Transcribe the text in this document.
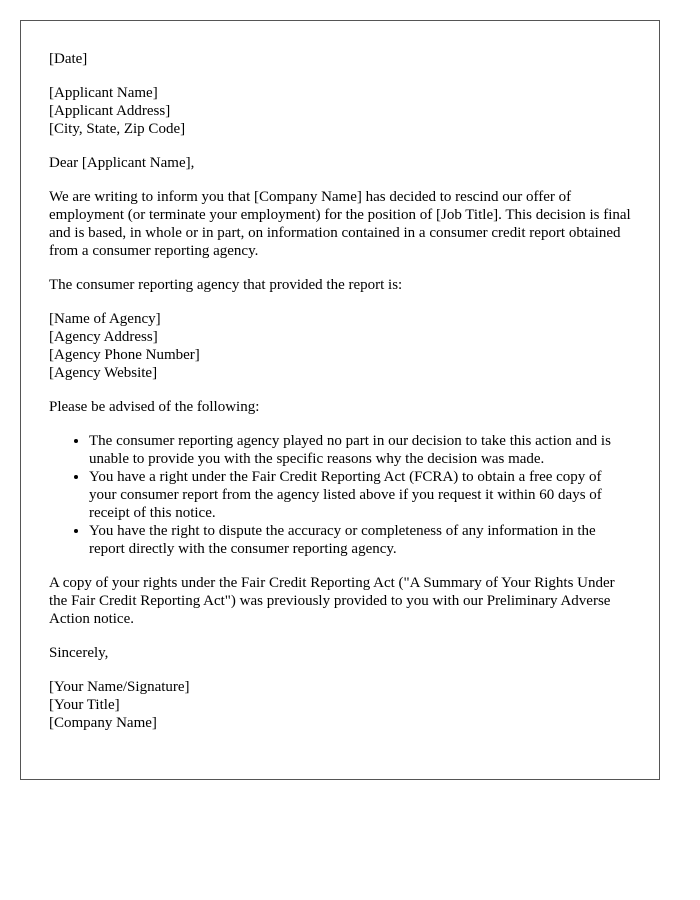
[Date]

[Applicant Name]
[Applicant Address]
[City, State, Zip Code]

Dear [Applicant Name],

We are writing to inform you that [Company Name] has decided to rescind our offer of employment (or terminate your employment) for the position of [Job Title]. This decision is final and is based, in whole or in part, on information contained in a consumer credit report obtained from a consumer reporting agency.

The consumer reporting agency that provided the report is:

[Name of Agency]
[Agency Address]
[Agency Phone Number]
[Agency Website]

Please be advised of the following:

• The consumer reporting agency played no part in our decision to take this action and is unable to provide you with the specific reasons why the decision was made.
• You have a right under the Fair Credit Reporting Act (FCRA) to obtain a free copy of your consumer report from the agency listed above if you request it within 60 days of receipt of this notice.
• You have the right to dispute the accuracy or completeness of any information in the report directly with the consumer reporting agency.

A copy of your rights under the Fair Credit Reporting Act ("A Summary of Your Rights Under the Fair Credit Reporting Act") was previously provided to you with our Preliminary Adverse Action notice.

Sincerely,

[Your Name/Signature]
[Your Title]
[Company Name]
